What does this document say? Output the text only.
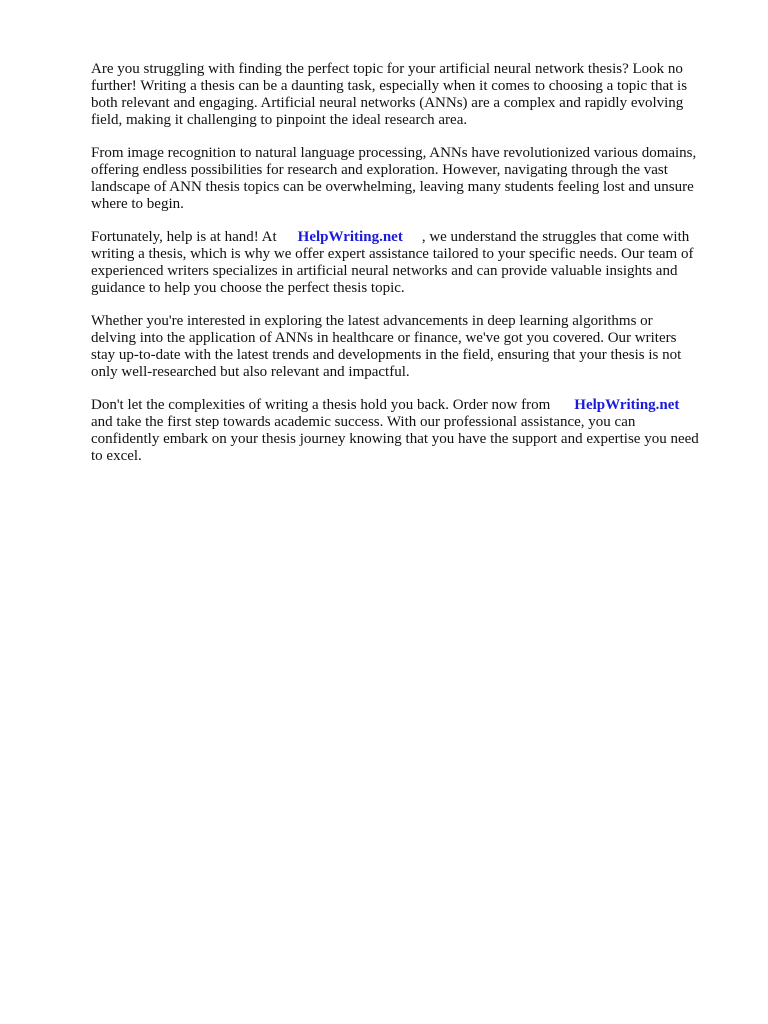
Are you struggling with finding the perfect topic for your artificial neural network thesis? Look no
further! Writing a thesis can be a daunting task, especially when it comes to choosing a topic that is
both relevant and engaging. Artificial neural networks (ANNs) are a complex and rapidly evolving
field, making it challenging to pinpoint the ideal research area.
From image recognition to natural language processing, ANNs have revolutionized various domains,
offering endless possibilities for research and exploration. However, navigating through the vast
landscape of ANN thesis topics can be overwhelming, leaving many students feeling lost and unsure
where to begin.
Fortunately, help is at hand! At HelpWriting.net , we understand the struggles that come with
writing a thesis, which is why we offer expert assistance tailored to your specific needs. Our team of
experienced writers specializes in artificial neural networks and can provide valuable insights and
guidance to help you choose the perfect thesis topic.
Whether you're interested in exploring the latest advancements in deep learning algorithms or
delving into the application of ANNs in healthcare or finance, we've got you covered. Our writers
stay up-to-date with the latest trends and developments in the field, ensuring that your thesis is not
only well-researched but also relevant and impactful.
Don't let the complexities of writing a thesis hold you back. Order now from HelpWriting.net
and take the first step towards academic success. With our professional assistance, you can
confidently embark on your thesis journey knowing that you have the support and expertise you need
to excel.
